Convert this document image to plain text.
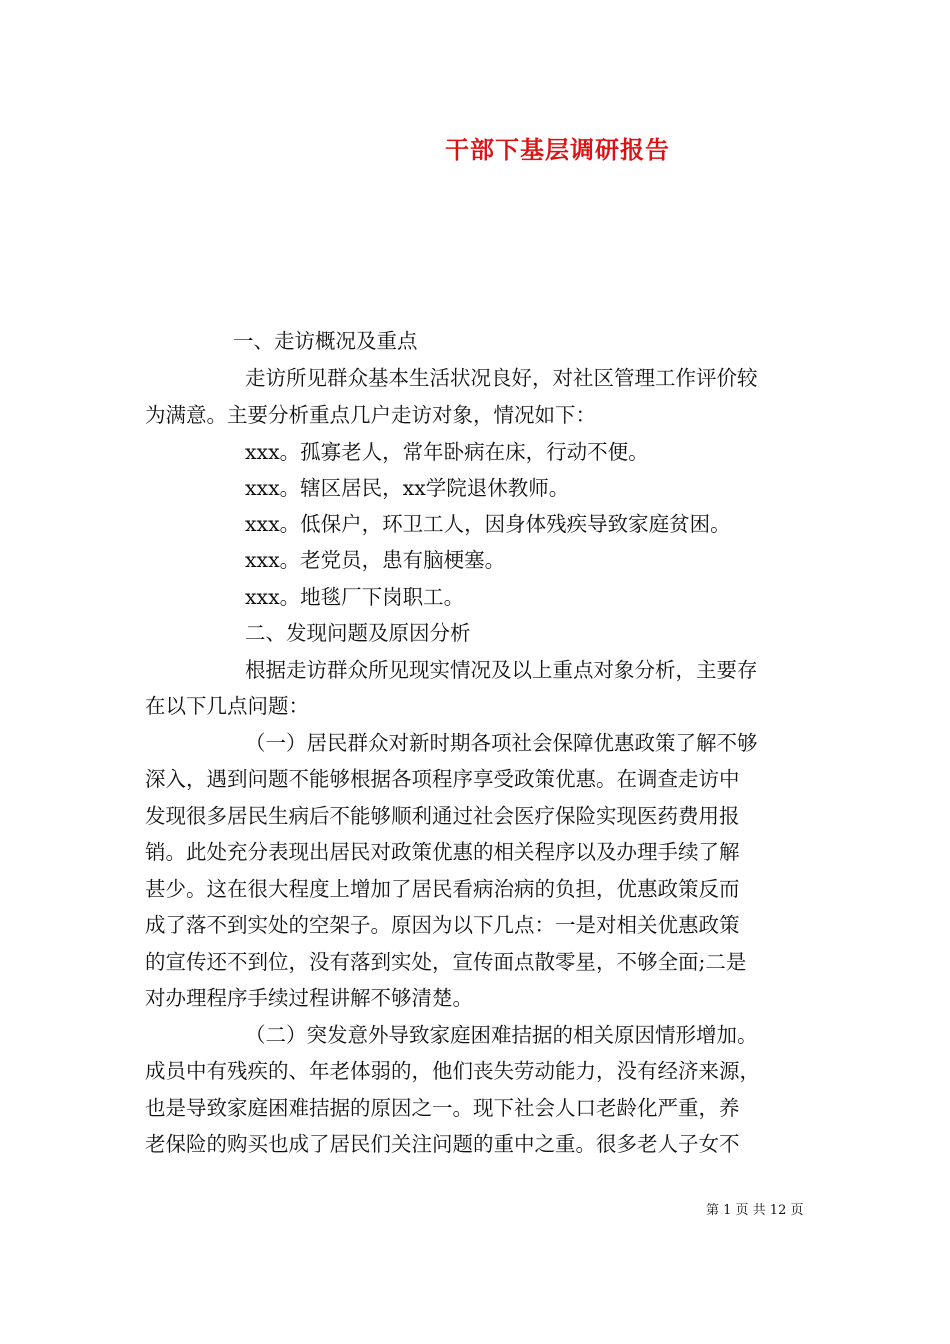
干部下基层调研报告
一、走访概况及重点
走访所见群众基本生活状况良好，对社区管理工作评价较
为满意。主要分析重点几户走访对象，情况如下：
xxx。孤寡老人，常年卧病在床，行动不便。
xxx。辖区居民，xx学院退休教师。
xxx。低保户，环卫工人，因身体残疾导致家庭贫困。
xxx。老党员，患有脑梗塞。
xxx。地毯厂下岗职工。
二、发现问题及原因分析
根据走访群众所见现实情况及以上重点对象分析，主要存
在以下几点问题：
（一）居民群众对新时期各项社会保障优惠政策了解不够
深入，遇到问题不能够根据各项程序享受政策优惠。在调查走访中
发现很多居民生病后不能够顺利通过社会医疗保险实现医药费用报
销。此处充分表现出居民对政策优惠的相关程序以及办理手续了解
甚少。这在很大程度上增加了居民看病治病的负担，优惠政策反而
成了落不到实处的空架子。原因为以下几点：一是对相关优惠政策
的宣传还不到位，没有落到实处，宣传面点散零星，不够全面;二是
对办理程序手续过程讲解不够清楚。
（二）突发意外导致家庭困难拮据的相关原因情形增加。
成员中有残疾的、年老体弱的，他们丧失劳动能力，没有经济来源，
也是导致家庭困难拮据的原因之一。现下社会人口老龄化严重，养
老保险的购买也成了居民们关注问题的重中之重。很多老人子女不
第 1 页 共 12 页
